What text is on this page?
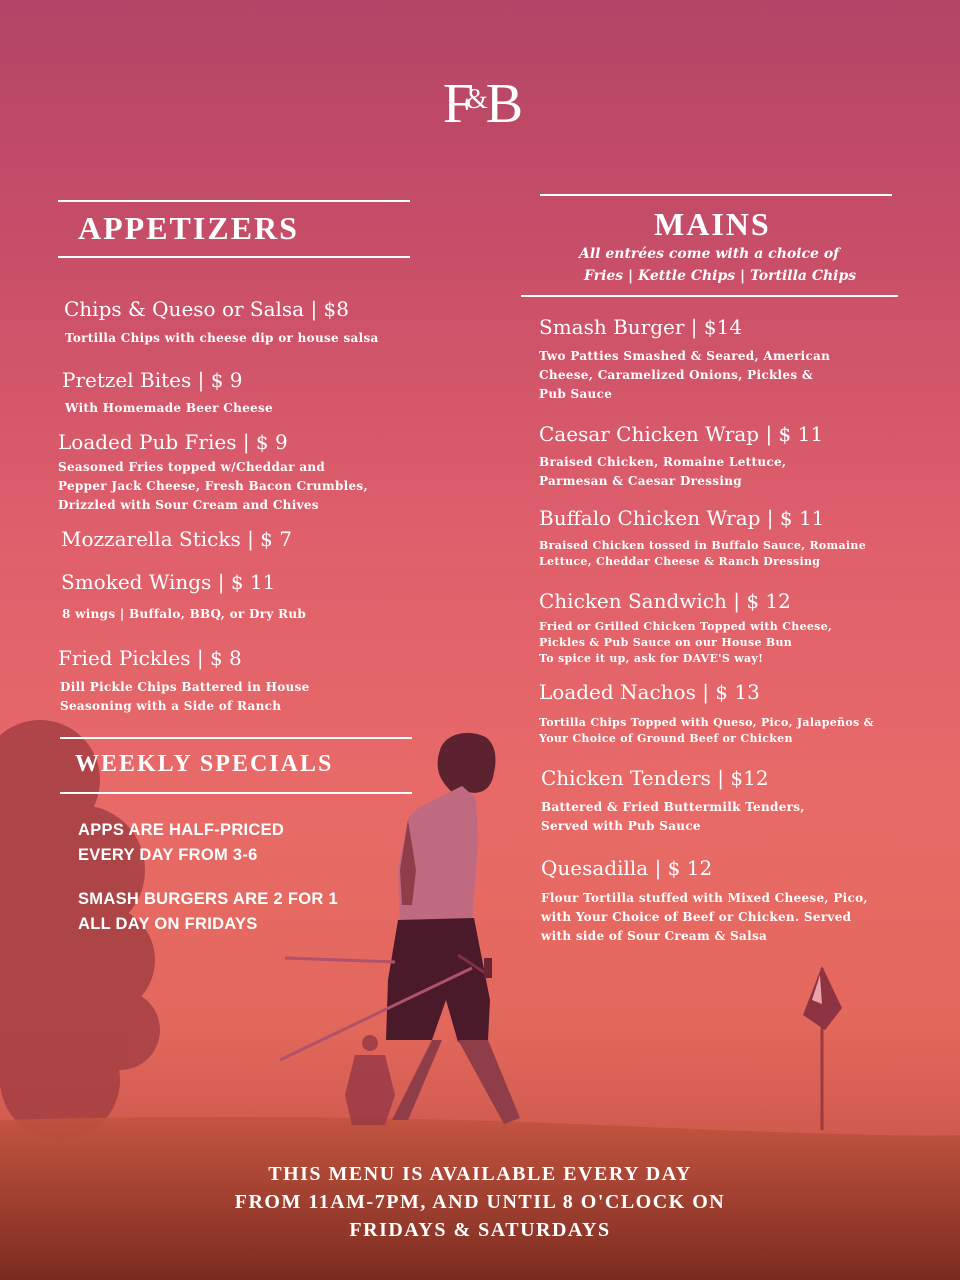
F&B
APPETIZERS
Chips & Queso or Salsa | $8
Tortilla Chips with cheese dip or house salsa
Pretzel Bites | $ 9
With Homemade Beer Cheese
Loaded Pub Fries | $ 9
Seasoned Fries topped w/Cheddar and Pepper Jack Cheese, Fresh Bacon Crumbles, Drizzled with Sour Cream and Chives
Mozzarella Sticks | $ 7
Smoked Wings | $ 11
8 wings | Buffalo, BBQ, or Dry Rub
Fried Pickles | $ 8
Dill Pickle Chips Battered in House Seasoning with a Side of Ranch
WEEKLY SPECIALS
APPS ARE HALF-PRICED EVERY DAY FROM 3-6
SMASH BURGERS ARE 2 FOR 1 ALL DAY ON FRIDAYS
MAINS
All entrées come with a choice of
Fries | Kettle Chips | Tortilla Chips
Smash Burger | $14
Two Patties Smashed & Seared, American Cheese, Caramelized Onions, Pickles & Pub Sauce
Caesar Chicken Wrap | $ 11
Braised Chicken, Romaine Lettuce, Parmesan & Caesar Dressing
Buffalo Chicken Wrap | $ 11
Braised Chicken tossed in Buffalo Sauce, Romaine Lettuce, Cheddar Cheese & Ranch Dressing
Chicken Sandwich | $ 12
Fried or Grilled Chicken Topped with Cheese, Pickles & Pub Sauce on our House Bun
To spice it up, ask for DAVE'S way!
Loaded Nachos | $ 13
Tortilla Chips Topped with Queso, Pico, Jalapeños & Your Choice of Ground Beef or Chicken
Chicken Tenders | $12
Battered & Fried Buttermilk Tenders, Served with Pub Sauce
Quesadilla | $ 12
Flour Tortilla stuffed with Mixed Cheese, Pico, with Your Choice of Beef or Chicken. Served with side of Sour Cream & Salsa
THIS MENU IS AVAILABLE EVERY DAY
FROM 11AM-7PM, AND UNTIL 8 O'CLOCK ON
FRIDAYS & SATURDAYS
